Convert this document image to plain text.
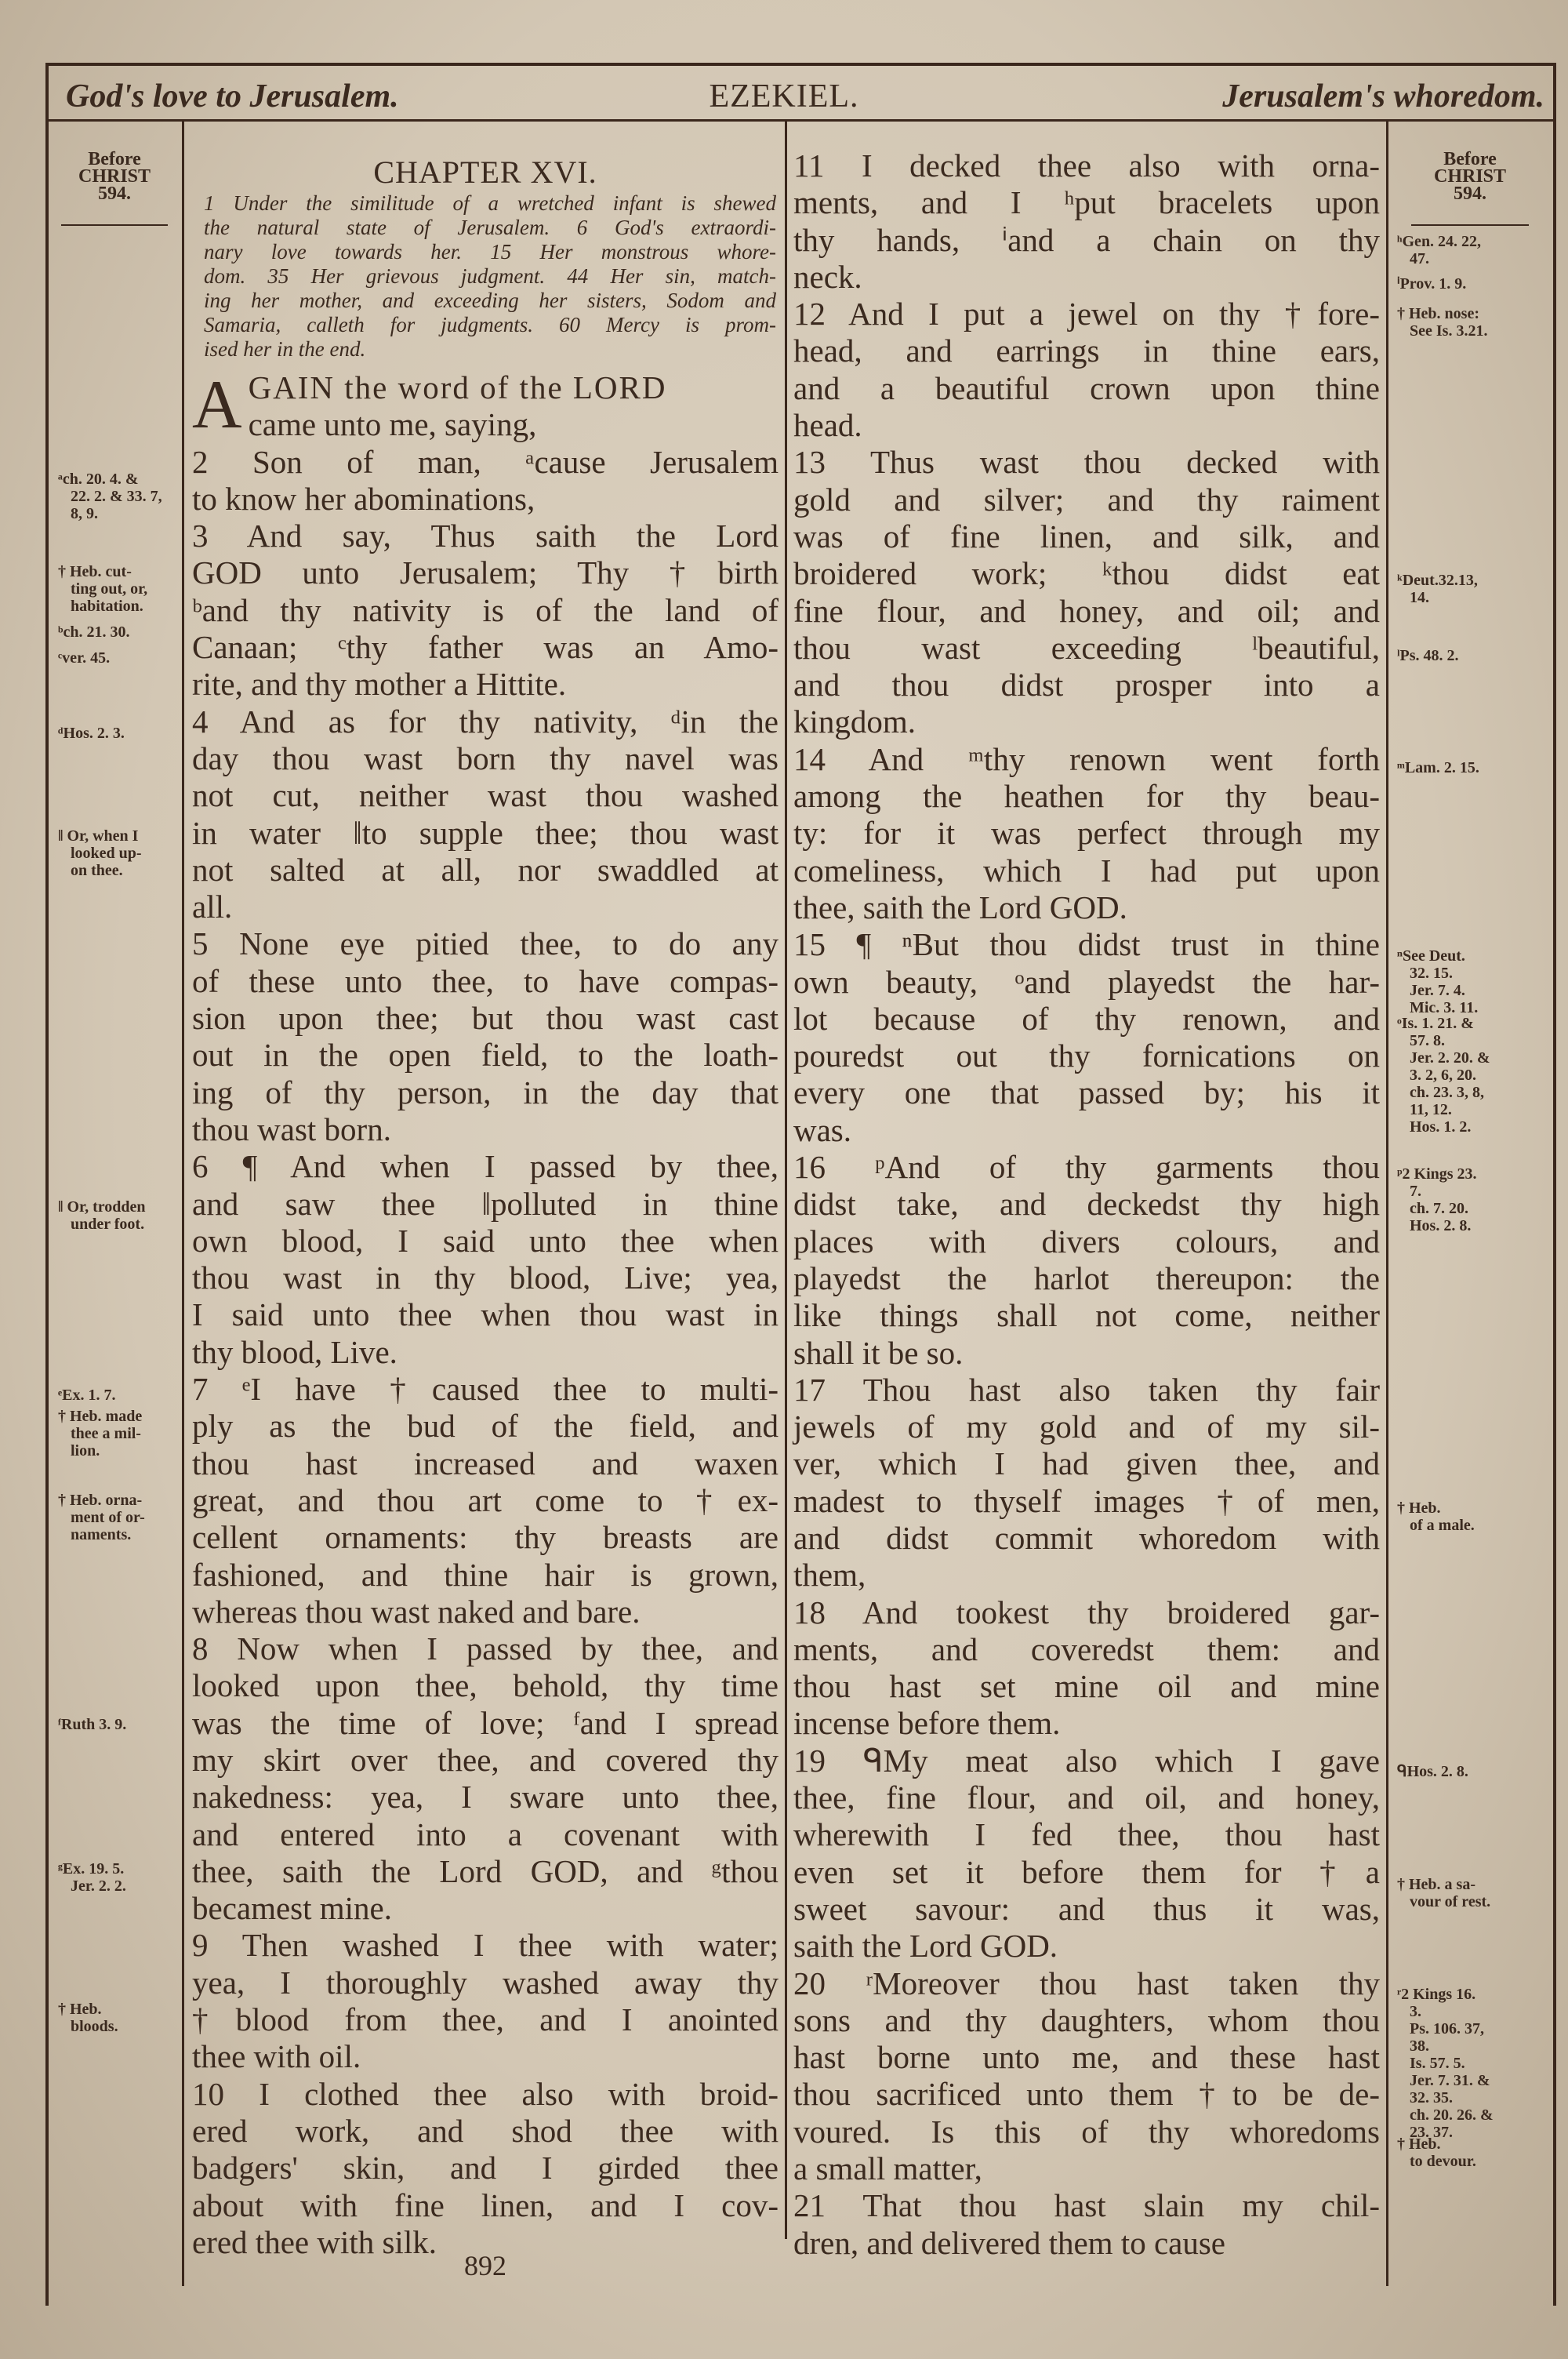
God's love to Jerusalem.	EZEKIEL.	Jerusalem's whoredom.
Before
CHRIST
594.
Before
CHRIST
594.
CHAPTER XVI.
1 Under the similitude of a wretched infant is shewed
the natural state of Jerusalem. 6 God's extraordi-
nary love towards her. 15 Her monstrous whore-
dom. 35 Her grievous judgment. 44 Her sin, match-
ing her mother, and exceeding her sisters, Sodom and
Samaria, calleth for judgments. 60 Mercy is prom-
ised her in the end.
AGAIN the word of the LORD
came unto me, saying,
2 Son of man, ᵃcause Jerusalem
to know her abominations,
3 And say, Thus saith the Lord
GOD unto Jerusalem; Thy †birth
ᵇand thy nativity is of the land of
Canaan; ᶜthy father was an Amo-
rite, and thy mother a Hittite.
4 And as for thy nativity, ᵈin the
day thou wast born thy navel was
not cut, neither wast thou washed
in water ‖to supple thee; thou wast
not salted at all, nor swaddled at
all.
5 None eye pitied thee, to do any
of these unto thee, to have compas-
sion upon thee; but thou wast cast
out in the open field, to the loath-
ing of thy person, in the day that
thou wast born.
6 ¶ And when I passed by thee,
and saw thee ‖polluted in thine
own blood, I said unto thee when
thou wast in thy blood, Live; yea,
I said unto thee when thou wast in
thy blood, Live.
7 ᵉI have †caused thee to multi-
ply as the bud of the field, and
thou hast increased and waxen
great, and thou art come to †ex-
cellent ornaments: thy breasts are
fashioned, and thine hair is grown,
whereas thou wast naked and bare.
8 Now when I passed by thee, and
looked upon thee, behold, thy time
was the time of love; ᶠand I spread
my skirt over thee, and covered thy
nakedness: yea, I sware unto thee,
and entered into a covenant with
thee, saith the Lord GOD, and ᵍthou
becamest mine.
9 Then washed I thee with water;
yea, I thoroughly washed away thy
†blood from thee, and I anointed
thee with oil.
10 I clothed thee also with broid-
ered work, and shod thee with
badgers' skin, and I girded thee
about with fine linen, and I cov-
ered thee with silk.
11 I decked thee also with orna-
ments, and I ʰput bracelets upon
thy hands, ⁱand a chain on thy
neck.
12 And I put a jewel on thy †fore-
head, and earrings in thine ears,
and a beautiful crown upon thine
head.
13 Thus wast thou decked with
gold and silver; and thy raiment
was of fine linen, and silk, and
broidered work; ᵏthou didst eat
fine flour, and honey, and oil; and
thou wast exceeding ˡbeautiful,
and thou didst prosper into a
kingdom.
14 And ᵐthy renown went forth
among the heathen for thy beau-
ty: for it was perfect through my
comeliness, which I had put upon
thee, saith the Lord GOD.
15 ¶ ⁿBut thou didst trust in thine
own beauty, ᵒand playedst the har-
lot because of thy renown, and
pouredst out thy fornications on
every one that passed by; his it
was.
16 ᵖAnd of thy garments thou
didst take, and deckedst thy high
places with divers colours, and
playedst the harlot thereupon: the
like things shall not come, neither
shall it be so.
17 Thou hast also taken thy fair
jewels of my gold and of my sil-
ver, which I had given thee, and
madest to thyself images †of men,
and didst commit whoredom with
them,
18 And tookest thy broidered gar-
ments, and coveredst them: and
thou hast set mine oil and mine
incense before them.
19 ᑫMy meat also which I gave
thee, fine flour, and oil, and honey,
wherewith I fed thee, thou hast
even set it before them for †a
sweet savour: and thus it was,
saith the Lord GOD.
20 ʳMoreover thou hast taken thy
sons and thy daughters, whom thou
hast borne unto me, and these hast
thou sacrificed unto them †to be de-
voured. Is this of thy whoredoms
a small matter,
21 That thou hast slain my chil-
dren, and delivered them to cause
ᵃch. 20. 4. &
22. 2. & 33. 7,
8, 9.
† Heb. cut-
ting out, or,
habitation.
ᵇch. 21. 30.
ᶜver. 45.
ᵈHos. 2. 3.
‖ Or, when I
looked up-
on thee.
‖ Or, trodden
under foot.
ᵉEx. 1. 7.
† Heb. made
thee a mil-
lion.
† Heb. orna-
ment of or-
naments.
ᶠRuth 3. 9.
ᵍEx. 19. 5.
Jer. 2. 2.
† Heb.
bloods.
ʰGen. 24. 22,
47.
ⁱProv. 1. 9.
† Heb. nose:
See Is. 3.21.
ᵏDeut.32.13,
14.
ˡPs. 48. 2.
ᵐLam. 2. 15.
ⁿSee Deut.
32. 15.
Jer. 7. 4.
Mic. 3. 11.
ᵒIs. 1. 21. &
57. 8.
Jer. 2. 20. &
3. 2, 6, 20.
ch. 23. 3, 8,
11, 12.
Hos. 1. 2.
ᵖ2 Kings 23.
7.
ch. 7. 20.
Hos. 2. 8.
† Heb.
of a male.
ᑫHos. 2. 8.
† Heb. a sa-
vour of rest.
ʳ2 Kings 16.
3.
Ps. 106. 37,
38.
Is. 57. 5.
Jer. 7. 31. &
32. 35.
ch. 20. 26. &
23. 37.
† Heb.
to devour.
892
